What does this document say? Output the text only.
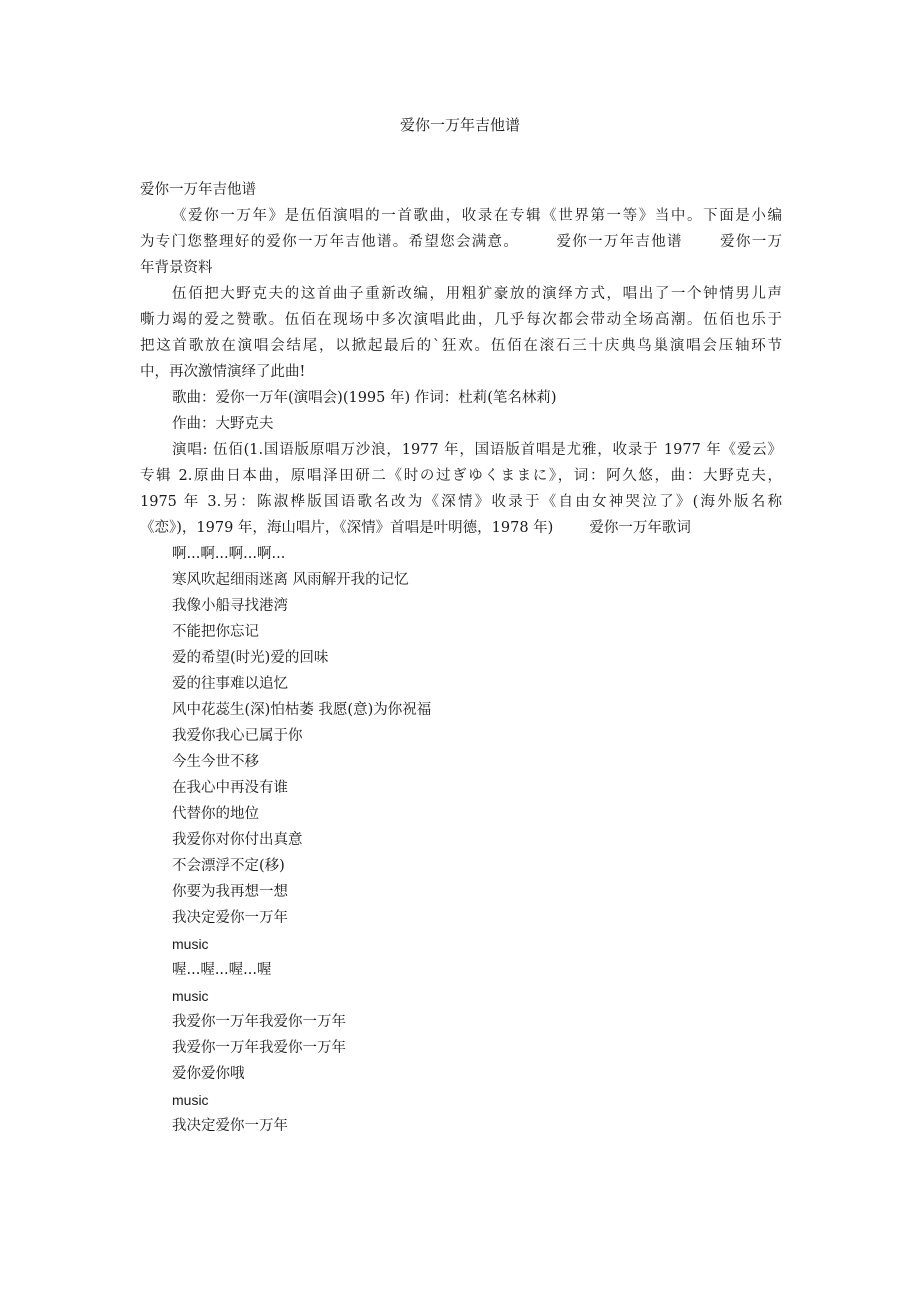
爱你一万年吉他谱
爱你一万年吉他谱
《爱你一万年》是伍佰演唱的一首歌曲，收录在专辑《世界第一等》当中。下面是小编
为专门您整理好的爱你一万年吉他谱。希望您会满意。 爱你一万年吉他谱 爱你一万
年背景资料
伍佰把大野克夫的这首曲子重新改编，用粗犷豪放的演绎方式，唱出了一个钟情男儿声
嘶力竭的爱之赞歌。伍佰在现场中多次演唱此曲，几乎每次都会带动全场高潮。伍佰也乐于
把这首歌放在演唱会结尾，以掀起最后的`狂欢。伍佰在滚石三十庆典鸟巢演唱会压轴环节
中，再次激情演绎了此曲!
歌曲：爱你一万年(演唱会)(1995 年) 作词：杜莉(笔名林莉)
作曲：大野克夫
演唱: 伍佰(1.国语版原唱万沙浪，1977 年，国语版首唱是尤雅，收录于 1977 年《爱云》
专辑 2.原曲日本曲，原唱泽田研二《时の过ぎゆくままに》，词：阿久悠，曲：大野克夫，
1975 年 3.另：陈淑桦版国语歌名改为《深情》收录于《自由女神哭泣了》(海外版名称
《恋》)，1979 年，海山唱片，《深情》首唱是叶明德，1978 年) 爱你一万年歌词
啊...啊...啊...啊...
寒风吹起细雨迷离 风雨解开我的记忆
我像小船寻找港湾
不能把你忘记
爱的希望(时光)爱的回味
爱的往事难以追忆
风中花蕊生(深)怕枯萎 我愿(意)为你祝福
我爱你我心已属于你
今生今世不移
在我心中再没有谁
代替你的地位
我爱你对你付出真意
不会漂浮不定(移)
你要为我再想一想
我决定爱你一万年
music
喔...喔...喔...喔
music
我爱你一万年我爱你一万年
我爱你一万年我爱你一万年
爱你爱你哦
music
我决定爱你一万年
